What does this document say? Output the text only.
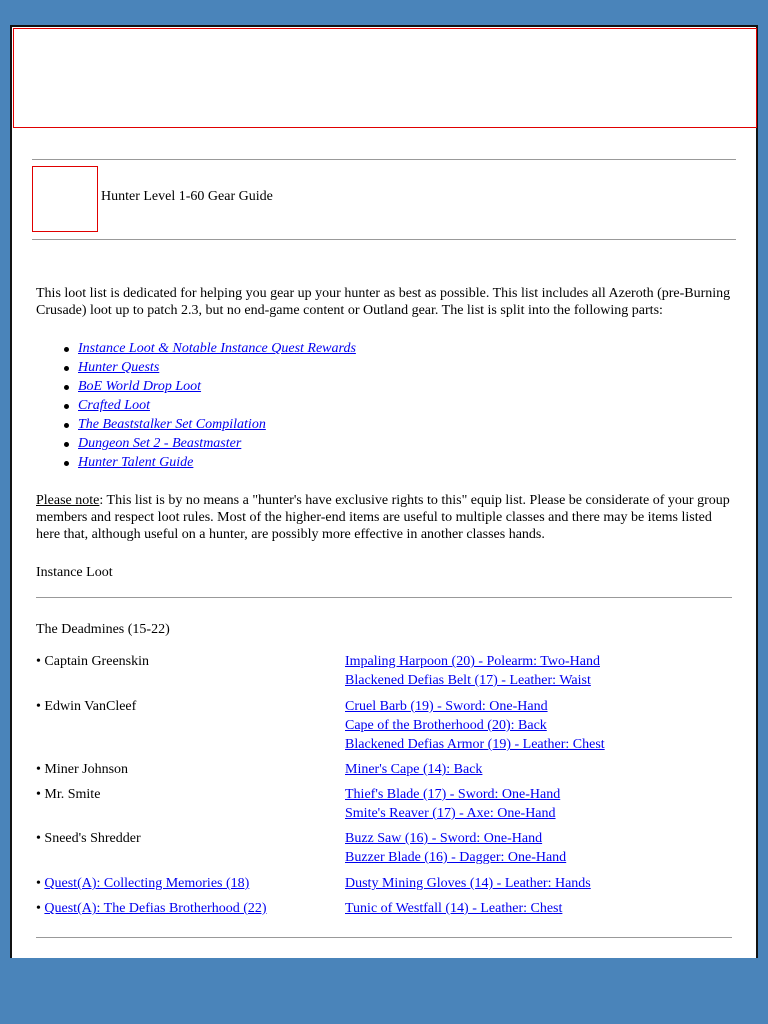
Hunter Level 1-60 Gear Guide

This loot list is dedicated for helping you gear up your hunter as best as possible. This list includes all Azeroth (pre-Burning Crusade) loot up to patch 2.3, but no end-game content or Outland gear. The list is split into the following parts:

Instance Loot & Notable Instance Quest Rewards
Hunter Quests
BoE World Drop Loot
Crafted Loot
The Beaststalker Set Compilation
Dungeon Set 2 - Beastmaster
Hunter Talent Guide

Please note: This list is by no means a "hunter's have exclusive rights to this" equip list. Please be considerate of your group members and respect loot rules. Most of the higher-end items are useful to multiple classes and there may be items listed here that, although useful on a hunter, are possibly more effective in another classes hands.

Instance Loot
The Deadmines (15-22)
• Captain Greenskin	Impaling Harpoon (20) - Polearm: Two-Hand
Blackened Defias Belt (17) - Leather: Waist
• Edwin VanCleef	Cruel Barb (19) - Sword: One-Hand
Cape of the Brotherhood (20): Back
Blackened Defias Armor (19) - Leather: Chest
• Miner Johnson	Miner's Cape (14): Back
• Mr. Smite	Thief's Blade (17) - Sword: One-Hand
Smite's Reaver (17) - Axe: One-Hand
• Sneed's Shredder	Buzz Saw (16) - Sword: One-Hand
Buzzer Blade (16) - Dagger: One-Hand
• Quest(A): Collecting Memories (18)	Dusty Mining Gloves (14) - Leather: Hands
• Quest(A): The Defias Brotherhood (22)	Tunic of Westfall (14) - Leather: Chest
